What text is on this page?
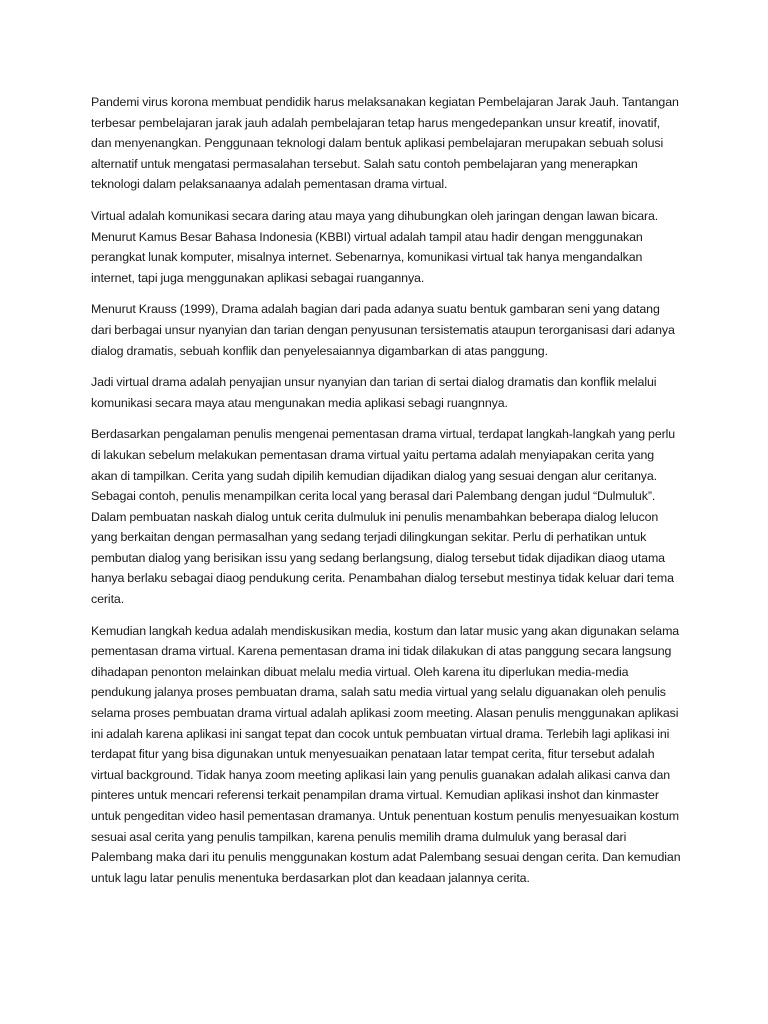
Pandemi virus korona membuat pendidik harus melaksanakan kegiatan Pembelajaran Jarak Jauh. Tantangan terbesar pembelajaran jarak jauh adalah pembelajaran tetap harus mengedepankan unsur kreatif, inovatif, dan menyenangkan. Penggunaan teknologi dalam bentuk aplikasi pembelajaran merupakan sebuah solusi alternatif untuk mengatasi permasalahan tersebut. Salah satu contoh pembelajaran yang menerapkan teknologi dalam pelaksanaanya adalah pementasan drama virtual.

Virtual adalah komunikasi secara daring atau maya yang dihubungkan oleh jaringan dengan lawan bicara. Menurut Kamus Besar Bahasa Indonesia (KBBI) virtual adalah tampil atau hadir dengan menggunakan perangkat lunak komputer, misalnya internet. Sebenarnya, komunikasi virtual tak hanya mengandalkan internet, tapi juga menggunakan aplikasi sebagai ruangannya.

Menurut Krauss (1999), Drama adalah bagian dari pada adanya suatu bentuk gambaran seni yang datang dari berbagai unsur nyanyian dan tarian dengan penyusunan tersistematis ataupun terorganisasi dari adanya dialog dramatis, sebuah konflik dan penyelesaiannya digambarkan di atas panggung.

Jadi virtual drama adalah penyajian unsur nyanyian dan tarian di sertai dialog dramatis dan konflik melalui komunikasi secara maya atau mengunakan media aplikasi sebagi ruangnnya.

Berdasarkan pengalaman penulis mengenai pementasan drama virtual, terdapat langkah-langkah yang perlu di lakukan sebelum melakukan pementasan drama virtual yaitu pertama adalah menyiapakan cerita yang akan di tampilkan. Cerita yang sudah dipilih kemudian dijadikan dialog yang sesuai dengan alur ceritanya. Sebagai contoh, penulis menampilkan cerita local yang berasal dari Palembang dengan judul “Dulmuluk”. Dalam pembuatan naskah dialog untuk cerita dulmuluk ini penulis menambahkan beberapa dialog lelucon yang berkaitan dengan permasalhan yang sedang terjadi dilingkungan sekitar. Perlu di perhatikan untuk pembutan dialog yang berisikan issu yang sedang berlangsung, dialog tersebut tidak dijadikan diaog utama hanya berlaku sebagai diaog pendukung cerita. Penambahan dialog tersebut mestinya tidak keluar dari tema cerita.

Kemudian langkah kedua adalah mendiskusikan media, kostum dan latar music yang akan digunakan selama pementasan drama virtual. Karena pementasan drama ini tidak dilakukan di atas panggung secara langsung dihadapan penonton melainkan dibuat melalu media virtual. Oleh karena itu diperlukan media-media pendukung jalanya proses pembuatan drama, salah satu media virtual yang selalu diguanakan oleh penulis selama proses pembuatan drama virtual adalah aplikasi zoom meeting. Alasan penulis menggunakan aplikasi ini adalah karena aplikasi ini sangat tepat dan cocok untuk pembuatan virtual drama. Terlebih lagi aplikasi ini terdapat fitur yang bisa digunakan untuk menyesuaikan penataan latar tempat cerita, fitur tersebut adalah virtual background. Tidak hanya zoom meeting aplikasi lain yang penulis guanakan adalah alikasi canva dan pinteres untuk mencari referensi terkait penampilan drama virtual. Kemudian aplikasi inshot dan kinmaster untuk pengeditan video hasil pementasan dramanya. Untuk penentuan kostum penulis menyesuaikan kostum sesuai asal cerita yang penulis tampilkan, karena penulis memilih drama dulmuluk yang berasal dari Palembang maka dari itu penulis menggunakan kostum adat Palembang sesuai dengan cerita. Dan kemudian untuk lagu latar penulis menentuka berdasarkan plot dan keadaan jalannya cerita.
